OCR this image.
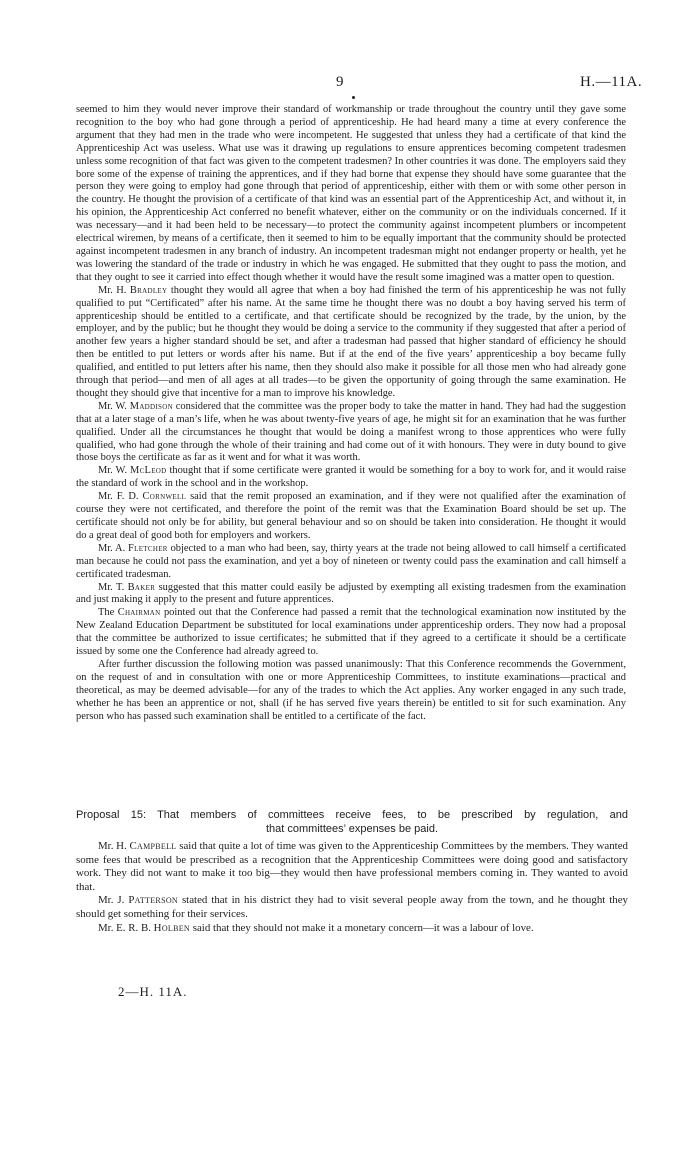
9	H.—11A.

seemed to him they would never improve their standard of workmanship or trade throughout the country until they gave some recognition to the boy who had gone through a period of apprenticeship. He had heard many a time at every conference the argument that they had men in the trade who were incompetent. He suggested that unless they had a certificate of that kind the Apprenticeship Act was useless. What use was it drawing up regulations to ensure apprentices becoming competent tradesmen unless some recognition of that fact was given to the competent tradesmen? In other countries it was done. The employers said they bore some of the expense of training the apprentices, and if they had borne that expense they should have some guarantee that the person they were going to employ had gone through that period of apprenticeship, either with them or with some other person in the country. He thought the provision of a certificate of that kind was an essential part of the Apprenticeship Act, and without it, in his opinion, the Apprenticeship Act conferred no benefit whatever, either on the community or on the individuals concerned. If it was necessary—and it had been held to be necessary—to protect the community against incompetent plumbers or incompetent electrical wiremen, by means of a certificate, then it seemed to him to be equally important that the community should be protected against incompetent tradesmen in any branch of industry. An incompetent tradesman might not endanger property or health, yet he was lowering the standard of the trade or industry in which he was engaged. He submitted that they ought to pass the motion, and that they ought to see it carried into effect though whether it would have the result some imagined was a matter open to question.

Mr. H. Bradley thought they would all agree that when a boy had finished the term of his apprenticeship he was not fully qualified to put “Certificated” after his name. At the same time he thought there was no doubt a boy having served his term of apprenticeship should be entitled to a certificate, and that certificate should be recognized by the trade, by the union, by the employer, and by the public; but he thought they would be doing a service to the community if they suggested that after a period of another few years a higher standard should be set, and after a tradesman had passed that higher standard of efficiency he should then be entitled to put letters or words after his name. But if at the end of the five years’ apprenticeship a boy became fully qualified, and entitled to put letters after his name, then they should also make it possible for all those men who had already gone through that period—and men of all ages at all trades—to be given the opportunity of going through the same examination. He thought they should give that incentive for a man to improve his knowledge.

Mr. W. Maddison considered that the committee was the proper body to take the matter in hand. They had had the suggestion that at a later stage of a man’s life, when he was about twenty-five years of age, he might sit for an examination that he was further qualified. Under all the circumstances he thought that would be doing a manifest wrong to those apprentices who were fully qualified, who had gone through the whole of their training and had come out of it with honours. They were in duty bound to give those boys the certificate as far as it went and for what it was worth.

Mr. W. McLeod thought that if some certificate were granted it would be something for a boy to work for, and it would raise the standard of work in the school and in the workshop.

Mr. F. D. Cornwell said that the remit proposed an examination, and if they were not qualified after the examination of course they were not certificated, and therefore the point of the remit was that the Examination Board should be set up. The certificate should not only be for ability, but general behaviour and so on should be taken into consideration. He thought it would do a great deal of good both for employers and workers.

Mr. A. Fletcher objected to a man who had been, say, thirty years at the trade not being allowed to call himself a certificated man because he could not pass the examination, and yet a boy of nineteen or twenty could pass the examination and call himself a certificated tradesman.

Mr. T. Baker suggested that this matter could easily be adjusted by exempting all existing tradesmen from the examination and just making it apply to the present and future apprentices.

The Chairman pointed out that the Conference had passed a remit that the technological examination now instituted by the New Zealand Education Department be substituted for local examinations under apprenticeship orders. They now had a proposal that the committee be authorized to issue certificates; he submitted that if they agreed to a certificate it should be a certificate issued by some one the Conference had already agreed to.

After further discussion the following motion was passed unanimously: That this Conference recommends the Government, on the request of and in consultation with one or more Apprenticeship Committees, to institute examinations—practical and theoretical, as may be deemed advisable—for any of the trades to which the Act applies. Any worker engaged in any such trade, whether he has been an apprentice or not, shall (if he has served five years therein) be entitled to sit for such examination. Any person who has passed such examination shall be entitled to a certificate of the fact.

Proposal 15: That members of committees receive fees, to be prescribed by regulation, and
that committees’ expenses be paid.

Mr. H. Campbell said that quite a lot of time was given to the Apprenticeship Committees by the members. They wanted some fees that would be prescribed as a recognition that the Apprenticeship Committees were doing good and satisfactory work. They did not want to make it too big—they would then have professional members coming in. They wanted to avoid that.

Mr. J. Patterson stated that in his district they had to visit several people away from the town, and he thought they should get something for their services.

Mr. E. R. B. Holben said that they should not make it a monetary concern—it was a labour of love.

2—H. 11A.
